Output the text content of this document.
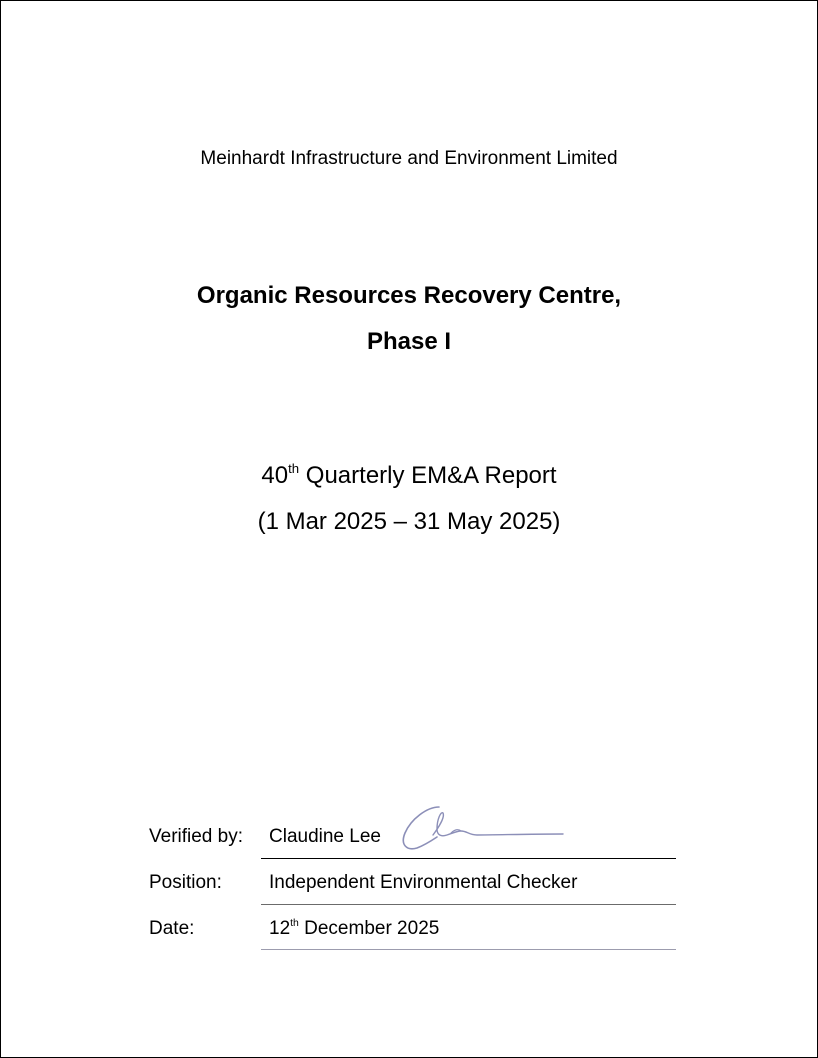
Meinhardt Infrastructure and Environment Limited
Organic Resources Recovery Centre,
Phase I
40th Quarterly EM&A Report
(1 Mar 2025 – 31 May 2025)
Verified by: Claudine Lee
Position: Independent Environmental Checker
Date:	12th December 2025
